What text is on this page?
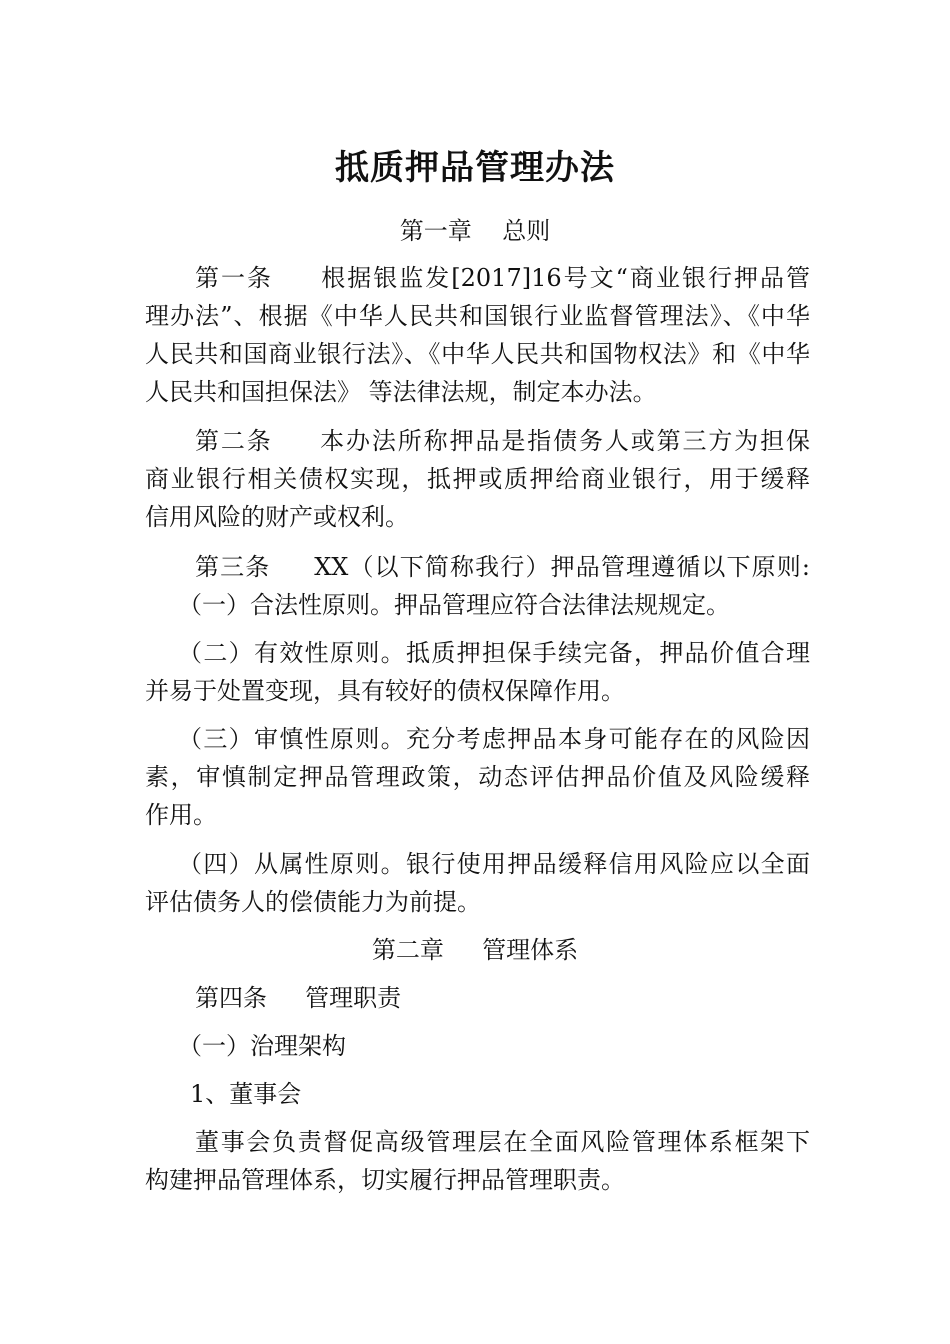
抵质押品管理办法
第一章    总则
第一条     根据银监发[2017]16号文“商业银行押品管
理办法”、根据《中华人民共和国银行业监督管理法》、《中华
人民共和国商业银行法》、《中华人民共和国物权法》和《中华
人民共和国担保法》 等法律法规，制定本办法。
第二条     本办法所称押品是指债务人或第三方为担保
商业银行相关债权实现，抵押或质押给商业银行，用于缓释
信用风险的财产或权利。
第三条     XX（以下简称我行）押品管理遵循以下原则:
（一）合法性原则。押品管理应符合法律法规规定。
（二）有效性原则。抵质押担保手续完备，押品价值合理
并易于处置变现，具有较好的债权保障作用。
（三）审慎性原则。充分考虑押品本身可能存在的风险因
素，审慎制定押品管理政策，动态评估押品价值及风险缓释
作用。
（四）从属性原则。银行使用押品缓释信用风险应以全面
评估债务人的偿债能力为前提。
第二章     管理体系
第四条     管理职责
（一）治理架构
1、董事会
董事会负责督促高级管理层在全面风险管理体系框架下
构建押品管理体系，切实履行押品管理职责。
